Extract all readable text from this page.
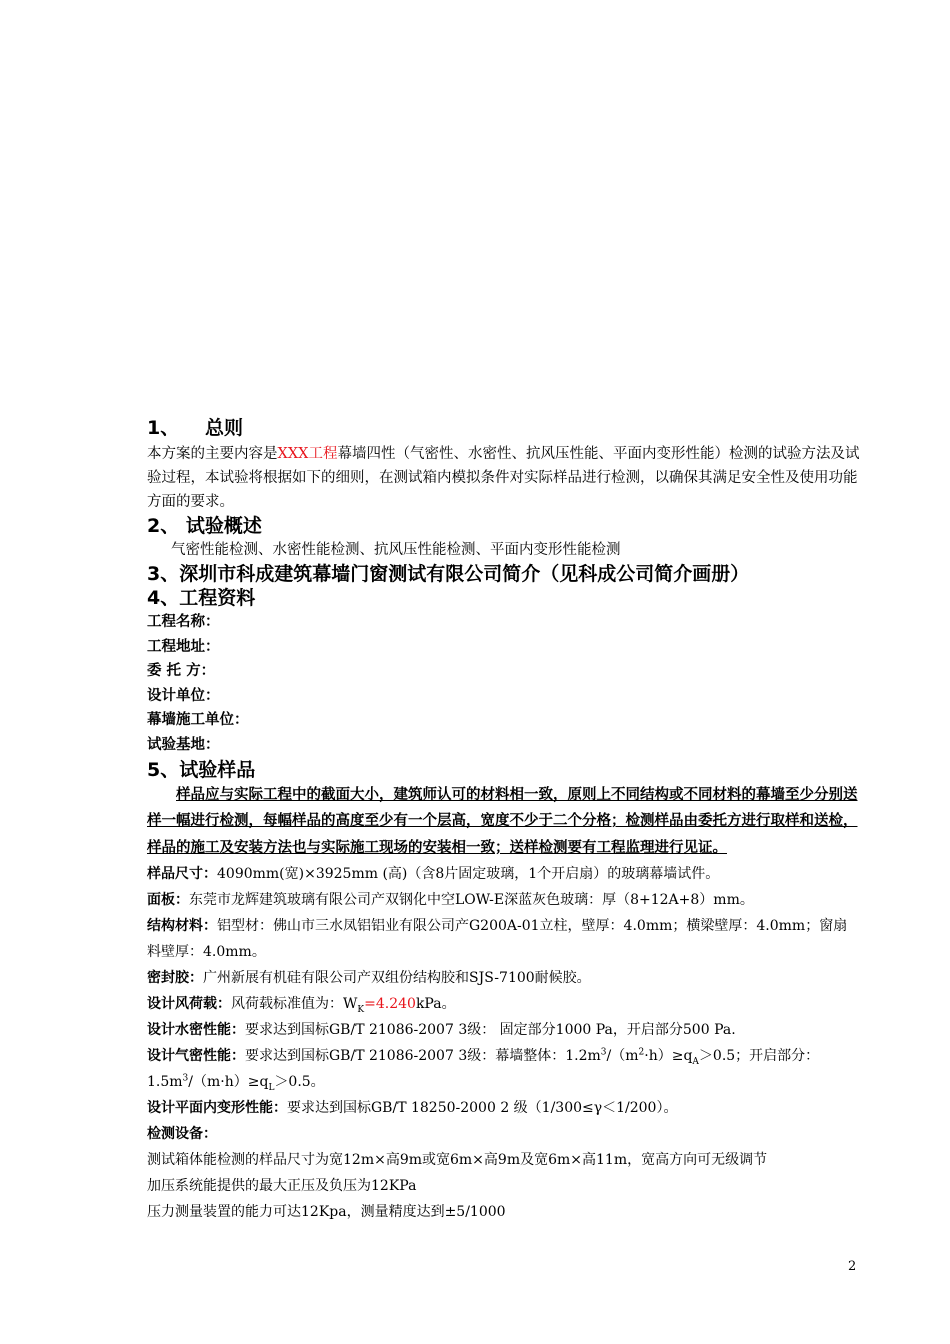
1、 总则

本方案的主要内容是XXX工程幕墙四性（气密性、水密性、抗风压性能、平面内变形性能）检测的试验方法及试验过程，本试验将根据如下的细则，在测试箱内模拟条件对实际样品进行检测，以确保其满足安全性及使用功能方面的要求。

2、 试验概述

气密性能检测、水密性能检测、抗风压性能检测、平面内变形性能检测

3、深圳市科成建筑幕墙门窗测试有限公司简介（见科成公司简介画册）

4、工程资料

工程名称：

工程地址：

委 托 方：

设计单位：

幕墙施工单位：

试验基地：

5、试验样品

样品应与实际工程中的截面大小，建筑师认可的材料相一致，原则上不同结构或不同材料的幕墙至少分别送样一幅进行检测，每幅样品的高度至少有一个层高，宽度不少于二个分格；检测样品由委托方进行取样和送检，样品的施工及安装方法也与实际施工现场的安装相一致；送样检测要有工程监理进行见证。

样品尺寸：4090mm(宽)×3925mm (高)（含8片固定玻璃，1个开启扇）的玻璃幕墙试件。

面板：东莞市龙辉建筑玻璃有限公司产双钢化中空LOW-E深蓝灰色玻璃：厚（8+12A+8）mm。

结构材料：铝型材：佛山市三水凤铝铝业有限公司产G200A-01立柱，壁厚：4.0mm；横梁壁厚：4.0mm；窗扇料壁厚：4.0mm。

密封胶：广州新展有机硅有限公司产双组份结构胶和SJS-7100耐候胶。

设计风荷载：风荷载标准值为：$W_K=4.240kPa$。

设计水密性能：要求达到国标GB/T 21086-2007 3级： 固定部分1000 Pa，开启部分500 Pa.

设计气密性能：要求达到国标GB/T 21086-2007 3级：幕墙整体：$1.2m^3/(m^2\cdot h)\ge q_A>0.5$；开启部分：$1.5m^3/(m\cdot h)\ge q_L>0.5$。

设计平面内变形性能：要求达到国标GB/T 18250-2000 2 级（1/300≤γ＜1/200）。

检测设备：

测试箱体能检测的样品尺寸为宽12m×高9m或宽6m×高9m及宽6m×高11m，宽高方向可无级调节

加压系统能提供的最大正压及负压为12KPa

压力测量装置的能力可达12Kpa，测量精度达到±5/1000

2
